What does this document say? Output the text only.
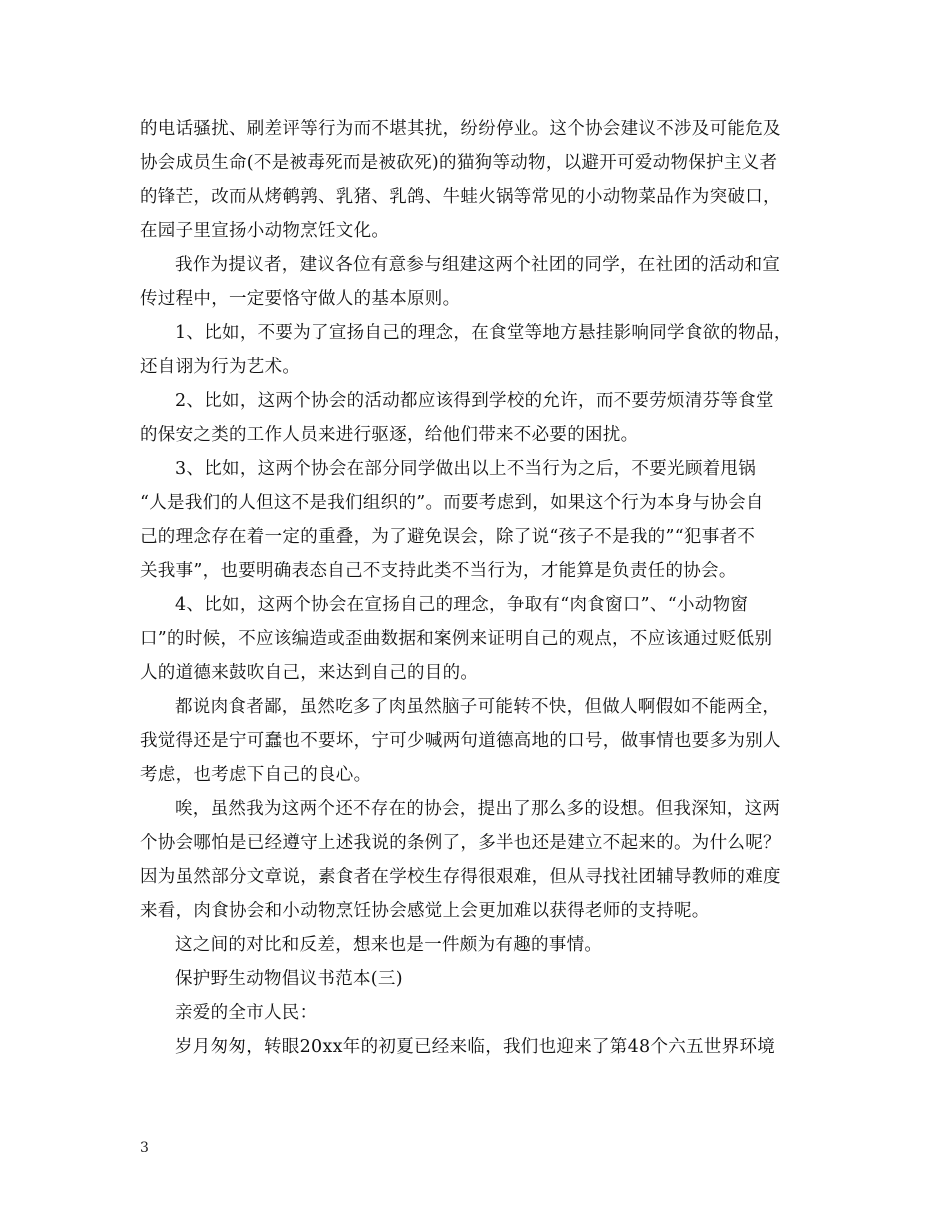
的电话骚扰、刷差评等行为而不堪其扰，纷纷停业。这个协会建议不涉及可能危及
协会成员生命(不是被毒死而是被砍死)的猫狗等动物，以避开可爱动物保护主义者
的锋芒，改而从烤鹌鹑、乳猪、乳鸽、牛蛙火锅等常见的小动物菜品作为突破口，
在园子里宣扬小动物烹饪文化。
我作为提议者，建议各位有意参与组建这两个社团的同学，在社团的活动和宣
传过程中，一定要恪守做人的基本原则。
1、比如，不要为了宣扬自己的理念，在食堂等地方悬挂影响同学食欲的物品，
还自诩为行为艺术。
2、比如，这两个协会的活动都应该得到学校的允许，而不要劳烦清芬等食堂
的保安之类的工作人员来进行驱逐，给他们带来不必要的困扰。
3、比如，这两个协会在部分同学做出以上不当行为之后，不要光顾着甩锅
“人是我们的人但这不是我们组织的”。而要考虑到，如果这个行为本身与协会自
己的理念存在着一定的重叠，为了避免误会，除了说“孩子不是我的”“犯事者不
关我事”，也要明确表态自己不支持此类不当行为，才能算是负责任的协会。
4、比如，这两个协会在宣扬自己的理念，争取有“肉食窗口”、“小动物窗
口”的时候，不应该编造或歪曲数据和案例来证明自己的观点，不应该通过贬低别
人的道德来鼓吹自己，来达到自己的目的。
都说肉食者鄙，虽然吃多了肉虽然脑子可能转不快，但做人啊假如不能两全，
我觉得还是宁可蠢也不要坏，宁可少喊两句道德高地的口号，做事情也要多为别人
考虑，也考虑下自己的良心。
唉，虽然我为这两个还不存在的协会，提出了那么多的设想。但我深知，这两
个协会哪怕是已经遵守上述我说的条例了，多半也还是建立不起来的。为什么呢？
因为虽然部分文章说，素食者在学校生存得很艰难，但从寻找社团辅导教师的难度
来看，肉食协会和小动物烹饪协会感觉上会更加难以获得老师的支持呢。
这之间的对比和反差，想来也是一件颇为有趣的事情。
保护野生动物倡议书范本(三)
亲爱的全市人民：
岁月匆匆，转眼20xx年的初夏已经来临，我们也迎来了第48个六五世界环境
3
